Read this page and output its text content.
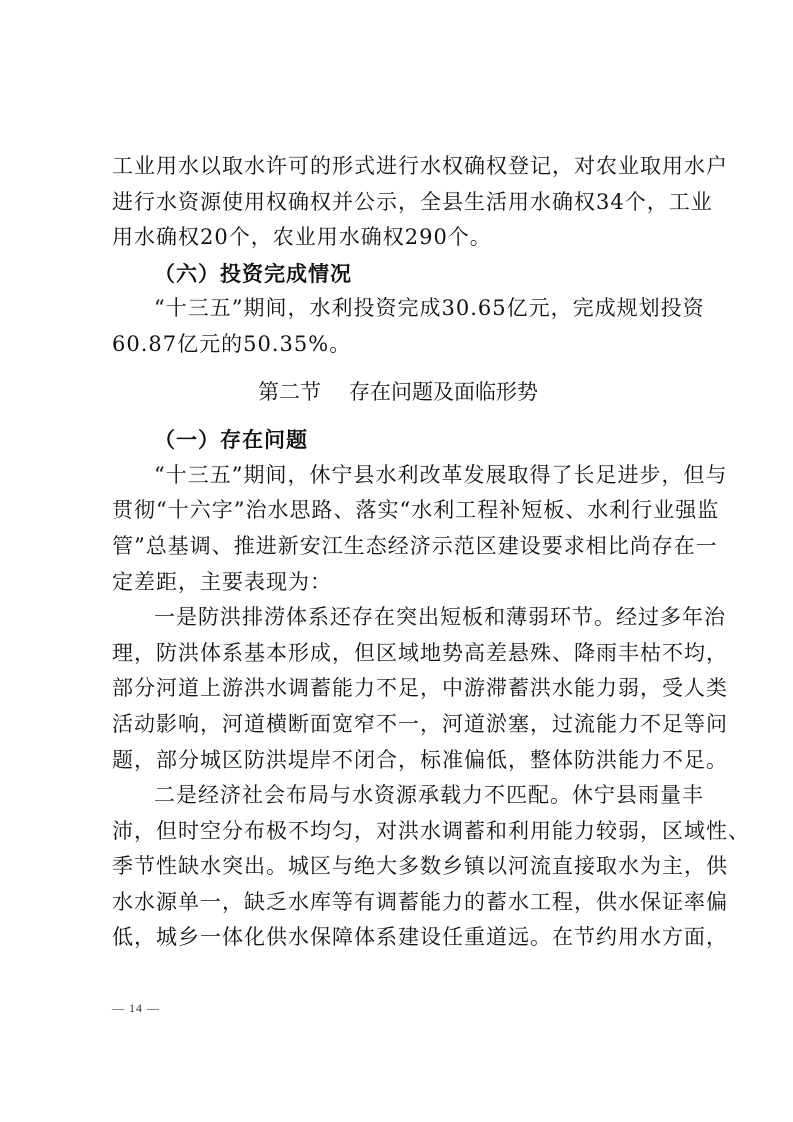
工业用水以取水许可的形式进行水权确权登记，对农业取用水户

进行水资源使用权确权并公示，全县生活用水确权34个，工业

用水确权20个，农业用水确权290个。

（六）投资完成情况

“十三五”期间，水利投资完成30.65亿元，完成规划投资

60.87亿元的50.35%。

第二节 存在问题及面临形势

（一）存在问题

“十三五”期间，休宁县水利改革发展取得了长足进步，但与

贯彻“十六字”治水思路、落实“水利工程补短板、水利行业强监

管”总基调、推进新安江生态经济示范区建设要求相比尚存在一

定差距，主要表现为：

一是防洪排涝体系还存在突出短板和薄弱环节。经过多年治

理，防洪体系基本形成，但区域地势高差悬殊、降雨丰枯不均，

部分河道上游洪水调蓄能力不足，中游滞蓄洪水能力弱，受人类

活动影响，河道横断面宽窄不一，河道淤塞，过流能力不足等问

题，部分城区防洪堤岸不闭合，标准偏低，整体防洪能力不足。

二是经济社会布局与水资源承载力不匹配。休宁县雨量丰

沛，但时空分布极不均匀，对洪水调蓄和利用能力较弱，区域性、

季节性缺水突出。城区与绝大多数乡镇以河流直接取水为主，供

水水源单一，缺乏水库等有调蓄能力的蓄水工程，供水保证率偏

低，城乡一体化供水保障体系建设任重道远。在节约用水方面，

— 14 —
